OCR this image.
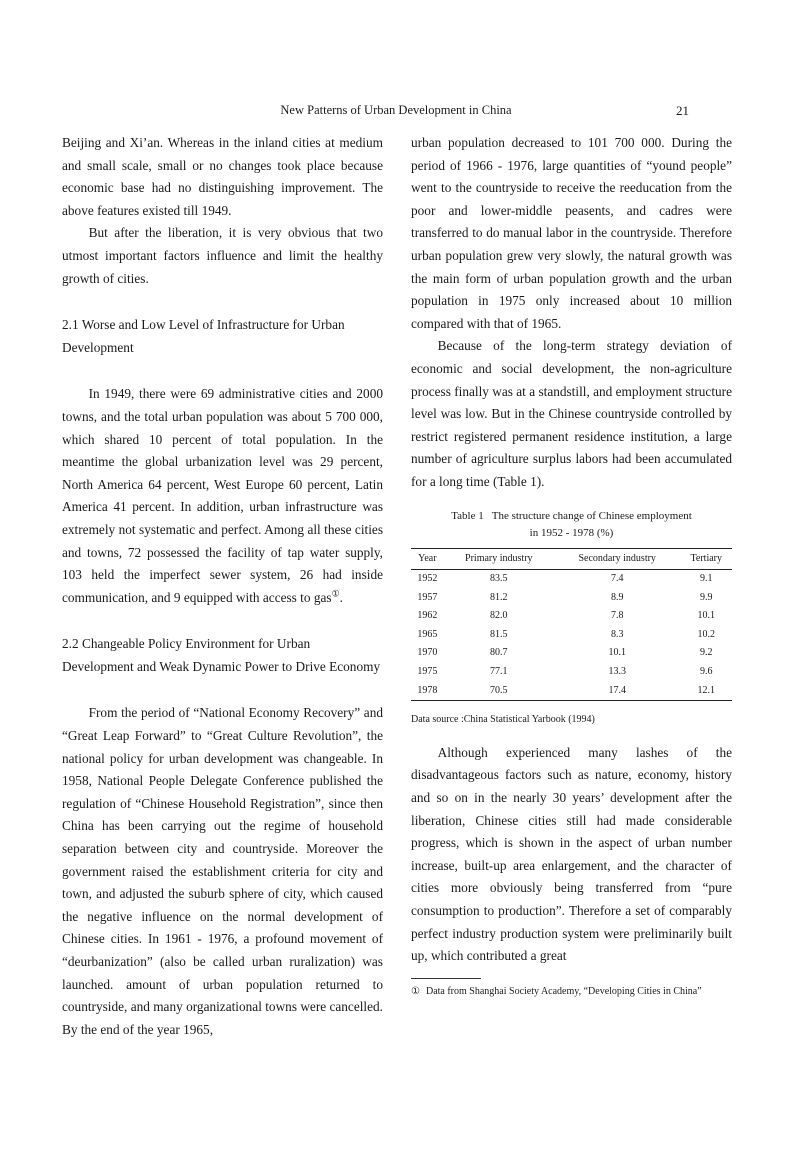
New Patterns of Urban Development in China	21

Beijing and Xi’an. Whereas in the inland cities at medium and small scale, small or no changes took place because economic base had no distinguishing improvement. The above features existed till 1949.

But after the liberation, it is very obvious that two utmost important factors influence and limit the healthy growth of cities.

2.1 Worse and Low Level of Infrastructure for Urban Development

In 1949, there were 69 administrative cities and 2000 towns, and the total urban population was about 5 700 000, which shared 10 percent of total population. In the meantime the global urbanization level was 29 percent, North America 64 percent, West Europe 60 percent, Latin America 41 percent. In addition, urban infrastructure was extremely not systematic and perfect. Among all these cities and towns, 72 possessed the facility of tap water supply, 103 held the imperfect sewer system, 26 had inside communication, and 9 equipped with access to gas①.

2.2 Changeable Policy Environment for Urban Development and Weak Dynamic Power to Drive Economy

From the period of “National Economy Recovery” and “Great Leap Forward” to “Great Culture Revolution”, the national policy for urban development was changeable. In 1958, National People Delegate Conference published the regulation of “Chinese Household Registration”, since then China has been carrying out the regime of household separation between city and countryside. Moreover the government raised the establishment criteria for city and town, and adjusted the suburb sphere of city, which caused the negative influence on the normal development of Chinese cities. In 1961 - 1976, a profound movement of “deurbanization” (also be called urban ruralization) was launched. amount of urban population returned to countryside, and many organizational towns were cancelled. By the end of the year 1965,

urban population decreased to 101 700 000. During the period of 1966 - 1976, large quantities of “yound people” went to the countryside to receive the reeducation from the poor and lower-middle peasents, and cadres were transferred to do manual labor in the countryside. Therefore urban population grew very slowly, the natural growth was the main form of urban population growth and the urban population in 1975 only increased about 10 million compared with that of 1965.

Because of the long-term strategy deviation of economic and social development, the non-agriculture process finally was at a standstill, and employment structure level was low. But in the Chinese countryside controlled by restrict registered permanent residence institution, a large number of agriculture surplus labors had been accumulated for a long time (Table 1).

Table 1 The structure change of Chinese employment
in 1952 - 1978 (%)
Year	Primary industry	Secondary industry	Tertiary
1952	83.5	7.4	9.1
1957	81.2	8.9	9.9
1962	82.0	7.8	10.1
1965	81.5	8.3	10.2
1970	80.7	10.1	9.2
1975	77.1	13.3	9.6
1978	70.5	17.4	12.1
Data source :China Statistical Yarbook (1994)

Although experienced many lashes of the disadvantageous factors such as nature, economy, history and so on in the nearly 30 years’ development after the liberation, Chinese cities still had made considerable progress, which is shown in the aspect of urban number increase, built-up area enlargement, and the character of cities more obviously being transferred from “pure consumption to production”. Therefore a set of comparably perfect industry production system were preliminarily built up, which contributed a great

① Data from Shanghai Society Academy, “Developing Cities in China”
